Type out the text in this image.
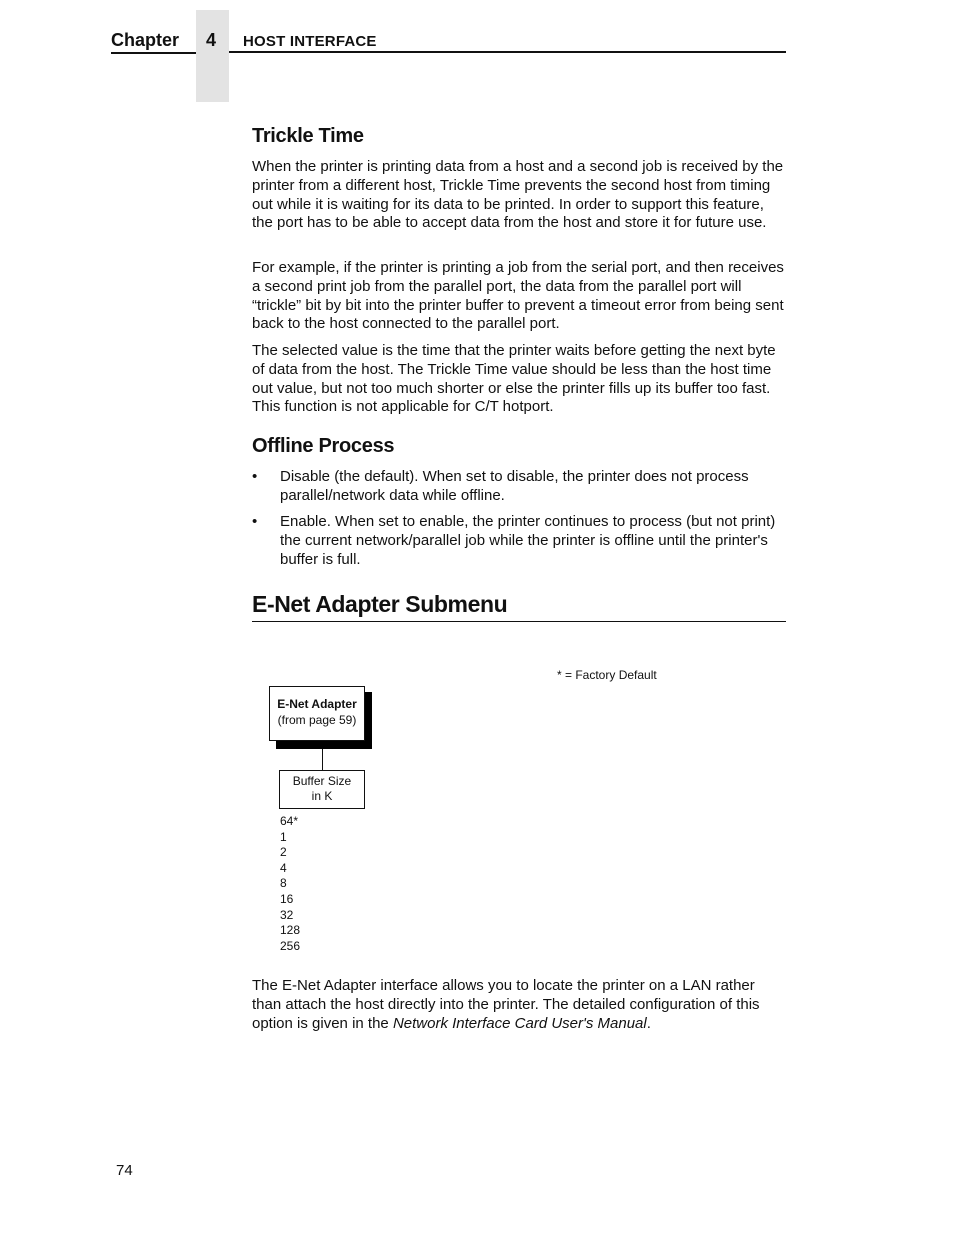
Chapter	4	HOST INTERFACE
Trickle Time

When the printer is printing data from a host and a second job is received by the printer from a different host, Trickle Time prevents the second host from timing out while it is waiting for its data to be printed. In order to support this feature, the port has to be able to accept data from the host and store it for future use.

For example, if the printer is printing a job from the serial port, and then receives a second print job from the parallel port, the data from the parallel port will “trickle” bit by bit into the printer buffer to prevent a timeout error from being sent back to the host connected to the parallel port.

The selected value is the time that the printer waits before getting the next byte of data from the host. The Trickle Time value should be less than the host time out value, but not too much shorter or else the printer fills up its buffer too fast. This function is not applicable for C/T hotport.

Offline Process
• Disable (the default). When set to disable, the printer does not process parallel/network data while offline.
• Enable. When set to enable, the printer continues to process (but not print) the current network/parallel job while the printer is offline until the printer's buffer is full.
E-Net Adapter Submenu
* = Factory Default
E-Net Adapter
(from page 59)
Buffer Size
in K
64*
1
2
4
8
16
32
128
256

The E-Net Adapter interface allows you to locate the printer on a LAN rather than attach the host directly into the printer. The detailed configuration of this option is given in the Network Interface Card User's Manual.

74
